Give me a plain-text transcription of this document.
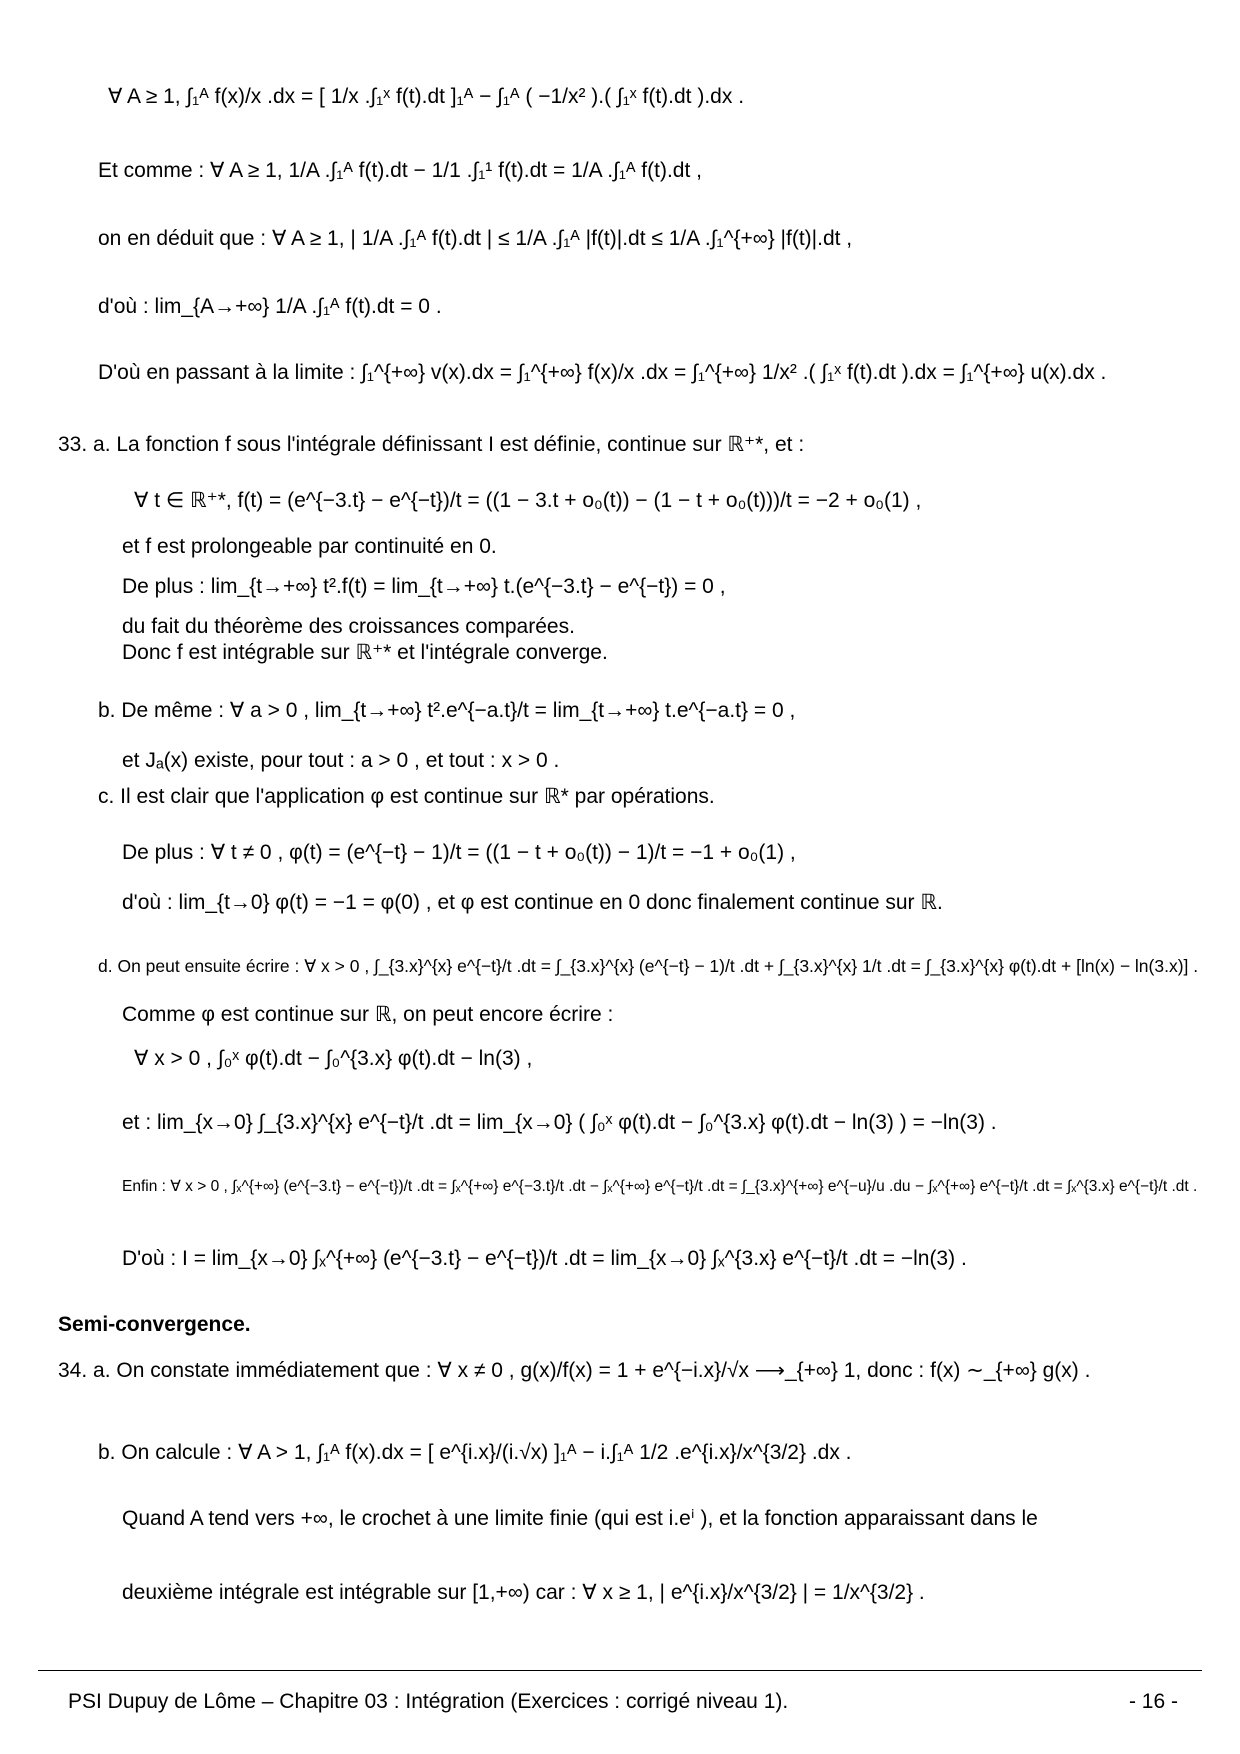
∀ A ≥ 1, ∫₁ᴬ f(x)/x .dx = [ 1/x .∫₁ˣ f(t).dt ]₁ᴬ − ∫₁ᴬ ( −1/x² ).( ∫₁ˣ f(t).dt ).dx .
Et comme : ∀ A ≥ 1, 1/A .∫₁ᴬ f(t).dt − 1/1 .∫₁¹ f(t).dt = 1/A .∫₁ᴬ f(t).dt ,
on en déduit que : ∀ A ≥ 1, | 1/A .∫₁ᴬ f(t).dt | ≤ 1/A .∫₁ᴬ |f(t)|.dt ≤ 1/A .∫₁^{+∞} |f(t)|.dt ,
d'où : lim_{A→+∞} 1/A .∫₁ᴬ f(t).dt = 0 .
D'où en passant à la limite : ∫₁^{+∞} v(x).dx = ∫₁^{+∞} f(x)/x .dx = ∫₁^{+∞} 1/x² .( ∫₁ˣ f(t).dt ).dx = ∫₁^{+∞} u(x).dx .
33. a. La fonction f sous l'intégrale définissant I est définie, continue sur ℝ⁺*, et :
∀ t ∈ ℝ⁺*, f(t) = (e^{−3.t} − e^{−t})/t = ((1 − 3.t + o₀(t)) − (1 − t + o₀(t)))/t = −2 + o₀(1) ,
et f est prolongeable par continuité en 0.
De plus : lim_{t→+∞} t².f(t) = lim_{t→+∞} t.(e^{−3.t} − e^{−t}) = 0 ,
du fait du théorème des croissances comparées.
Donc f est intégrable sur ℝ⁺* et l'intégrale converge.
b. De même : ∀ a > 0 , lim_{t→+∞} t².e^{−a.t}/t = lim_{t→+∞} t.e^{−a.t} = 0 ,
et Jₐ(x) existe, pour tout : a > 0 , et tout : x > 0 .
c. Il est clair que l'application φ est continue sur ℝ* par opérations.
De plus : ∀ t ≠ 0 , φ(t) = (e^{−t} − 1)/t = ((1 − t + o₀(t)) − 1)/t = −1 + o₀(1) ,
d'où : lim_{t→0} φ(t) = −1 = φ(0) , et φ est continue en 0 donc finalement continue sur ℝ.
d. On peut ensuite écrire : ∀ x > 0 , ∫_{3.x}^{x} e^{−t}/t .dt = ∫_{3.x}^{x} (e^{−t} − 1)/t .dt + ∫_{3.x}^{x} 1/t .dt = ∫_{3.x}^{x} φ(t).dt + [ln(x) − ln(3.x)] .
Comme φ est continue sur ℝ, on peut encore écrire :
∀ x > 0 , ∫₀ˣ φ(t).dt − ∫₀^{3.x} φ(t).dt − ln(3) ,
et : lim_{x→0} ∫_{3.x}^{x} e^{−t}/t .dt = lim_{x→0} ( ∫₀ˣ φ(t).dt − ∫₀^{3.x} φ(t).dt − ln(3) ) = −ln(3) .
Enfin : ∀ x > 0 , ∫ₓ^{+∞} (e^{−3.t} − e^{−t})/t .dt = ∫ₓ^{+∞} e^{−3.t}/t .dt − ∫ₓ^{+∞} e^{−t}/t .dt = ∫_{3.x}^{+∞} e^{−u}/u .du − ∫ₓ^{+∞} e^{−t}/t .dt = ∫ₓ^{3.x} e^{−t}/t .dt .
D'où : I = lim_{x→0} ∫ₓ^{+∞} (e^{−3.t} − e^{−t})/t .dt = lim_{x→0} ∫ₓ^{3.x} e^{−t}/t .dt = −ln(3) .
Semi-convergence.
34. a. On constate immédiatement que : ∀ x ≠ 0 , g(x)/f(x) = 1 + e^{−i.x}/√x ⟶_{+∞} 1, donc : f(x) ∼_{+∞} g(x) .
b. On calcule : ∀ A > 1, ∫₁ᴬ f(x).dx = [ e^{i.x}/(i.√x) ]₁ᴬ − i.∫₁ᴬ 1/2 .e^{i.x}/x^{3/2} .dx .
Quand A tend vers +∞, le crochet à une limite finie (qui est i.eⁱ ), et la fonction apparaissant dans le
deuxième intégrale est intégrable sur [1,+∞) car : ∀ x ≥ 1, | e^{i.x}/x^{3/2} | = 1/x^{3/2} .
PSI Dupuy de Lôme – Chapitre 03 : Intégration (Exercices : corrigé niveau 1).	- 16 -
